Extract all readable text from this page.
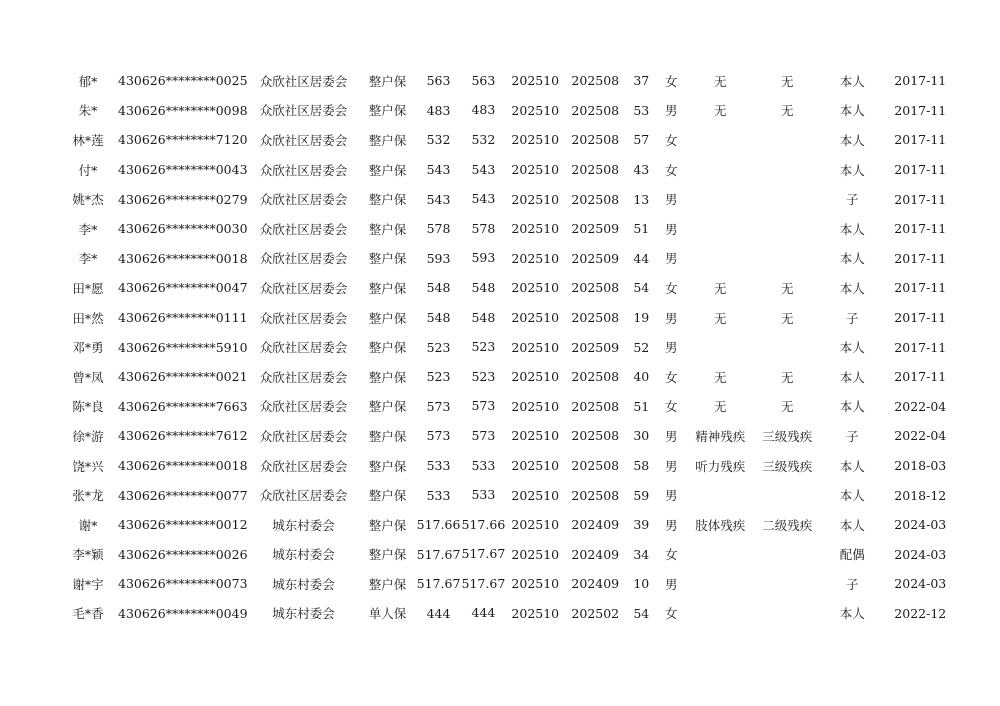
郁*	430626********0025	众欣社区居委会	整户保	563	563	202510	202508	37	女	无	无	本人	2017-11
朱*	430626********0098	众欣社区居委会	整户保	483	483	202510	202508	53	男	无	无	本人	2017-11
林*莲	430626********7120	众欣社区居委会	整户保	532	532	202510	202508	57	女			本人	2017-11
付*	430626********0043	众欣社区居委会	整户保	543	543	202510	202508	43	女			本人	2017-11
姚*杰	430626********0279	众欣社区居委会	整户保	543	543	202510	202508	13	男			子	2017-11
李*	430626********0030	众欣社区居委会	整户保	578	578	202510	202509	51	男			本人	2017-11
李*	430626********0018	众欣社区居委会	整户保	593	593	202510	202509	44	男			本人	2017-11
田*愿	430626********0047	众欣社区居委会	整户保	548	548	202510	202508	54	女	无	无	本人	2017-11
田*然	430626********0111	众欣社区居委会	整户保	548	548	202510	202508	19	男	无	无	子	2017-11
邓*勇	430626********5910	众欣社区居委会	整户保	523	523	202510	202509	52	男			本人	2017-11
曾*凤	430626********0021	众欣社区居委会	整户保	523	523	202510	202508	40	女	无	无	本人	2017-11
陈*良	430626********7663	众欣社区居委会	整户保	573	573	202510	202508	51	女	无	无	本人	2022-04
徐*游	430626********7612	众欣社区居委会	整户保	573	573	202510	202508	30	男	精神残疾	三级残疾	子	2022-04
饶*兴	430626********0018	众欣社区居委会	整户保	533	533	202510	202508	58	男	听力残疾	三级残疾	本人	2018-03
张*龙	430626********0077	众欣社区居委会	整户保	533	533	202510	202508	59	男			本人	2018-12
谢*	430626********0012	城东村委会	整户保	517.66	517.66	202510	202409	39	男	肢体残疾	二级残疾	本人	2024-03
李*颖	430626********0026	城东村委会	整户保	517.67	517.67	202510	202409	34	女			配偶	2024-03
谢*宇	430626********0073	城东村委会	整户保	517.67	517.67	202510	202409	10	男			子	2024-03
毛*香	430626********0049	城东村委会	单人保	444	444	202510	202502	54	女			本人	2022-12
